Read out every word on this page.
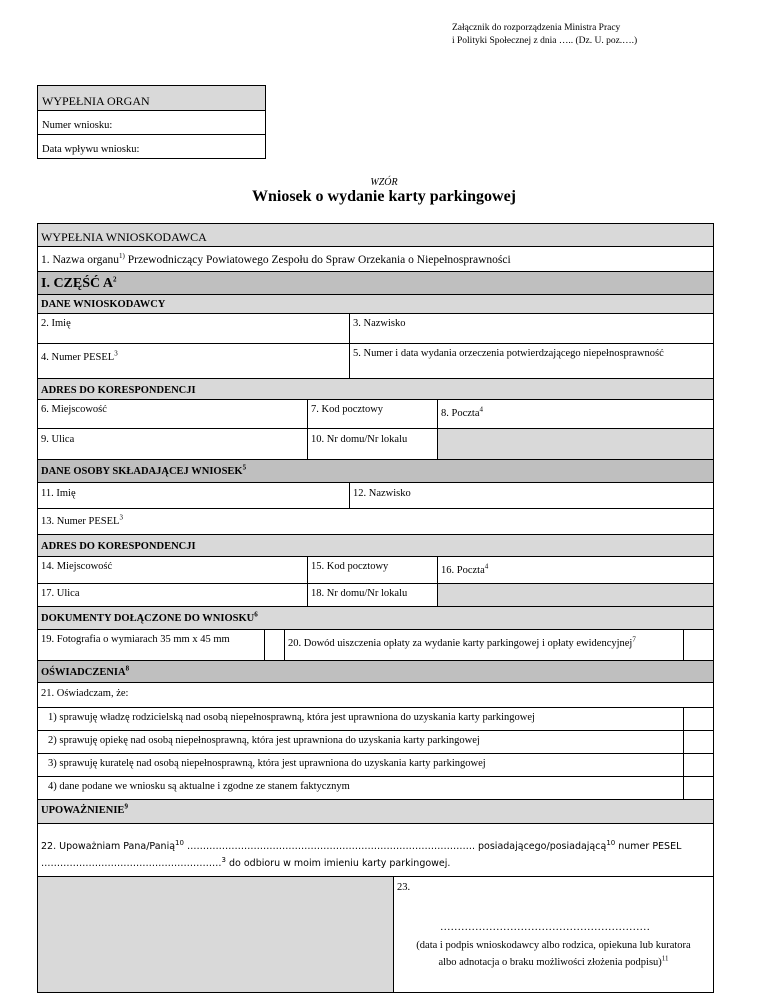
Załącznik do rozporządzenia Ministra Pracy
i Polityki Społecznej z dnia ….. (Dz. U. poz.….)
WYPEŁNIA ORGAN
Numer wniosku:
Data wpływu wniosku:
WZÓR
Wniosek o wydanie karty parkingowej
WYPEŁNIA WNIOSKODAWCA
1. Nazwa organu$^{1)}$ Przewodniczący Powiatowego Zespołu do Spraw Orzekania o Niepełnosprawności
I. CZĘŚĆ $A^2$
DANE WNIOSKODAWCY
2. Imię	3. Nazwisko
4. Numer PESEL$^3$	5. Numer i data wydania orzeczenia potwierdzającego niepełnosprawność
ADRES DO KORESPONDENCJI
6. Miejscowość	7. Kod pocztowy	8. Poczta$^4$
9. Ulica	10. Nr domu/Nr lokalu
DANE OSOBY SKŁADAJĄCEJ WNIOSEK$^5$
11. Imię	12. Nazwisko
13. Numer PESEL$^3$
ADRES DO KORESPONDENCJI
14. Miejscowość	15. Kod pocztowy	16. Poczta$^4$
17. Ulica	18. Nr domu/Nr lokalu
DOKUMENTY DOŁĄCZONE DO WNIOSKU$^6$
19. Fotografia o wymiarach 35 mm x 45 mm	20. Dowód uiszczenia opłaty za wydanie karty parkingowej i opłaty ewidencyjnej$^7$
OŚWIADCZENIA$^8$
21. Oświadczam, że:
1) sprawuję władzę rodzicielską nad osobą niepełnosprawną, która jest uprawniona do uzyskania karty parkingowej
2) sprawuję opiekę nad osobą niepełnosprawną, która jest uprawniona do uzyskania karty parkingowej
3) sprawuję kuratelę nad osobą niepełnosprawną, która jest uprawniona do uzyskania karty parkingowej
4) dane podane we wniosku są aktualne i zgodne ze stanem faktycznym
UPOWAŻNIENIE$^9$
22. Upoważniam Pana/Panią$^{10}$ ………………………………………………………………………………. posiadającego/posiadającą$^{10}$ numer PESEL
…………………………………………………$^3$ do odbioru w moim imieniu karty parkingowej.
23.
……………………………………………………
(data i podpis wnioskodawcy albo rodzica, opiekuna lub kuratora
albo adnotacja o braku możliwości złożenia podpisu)$^{11}$
